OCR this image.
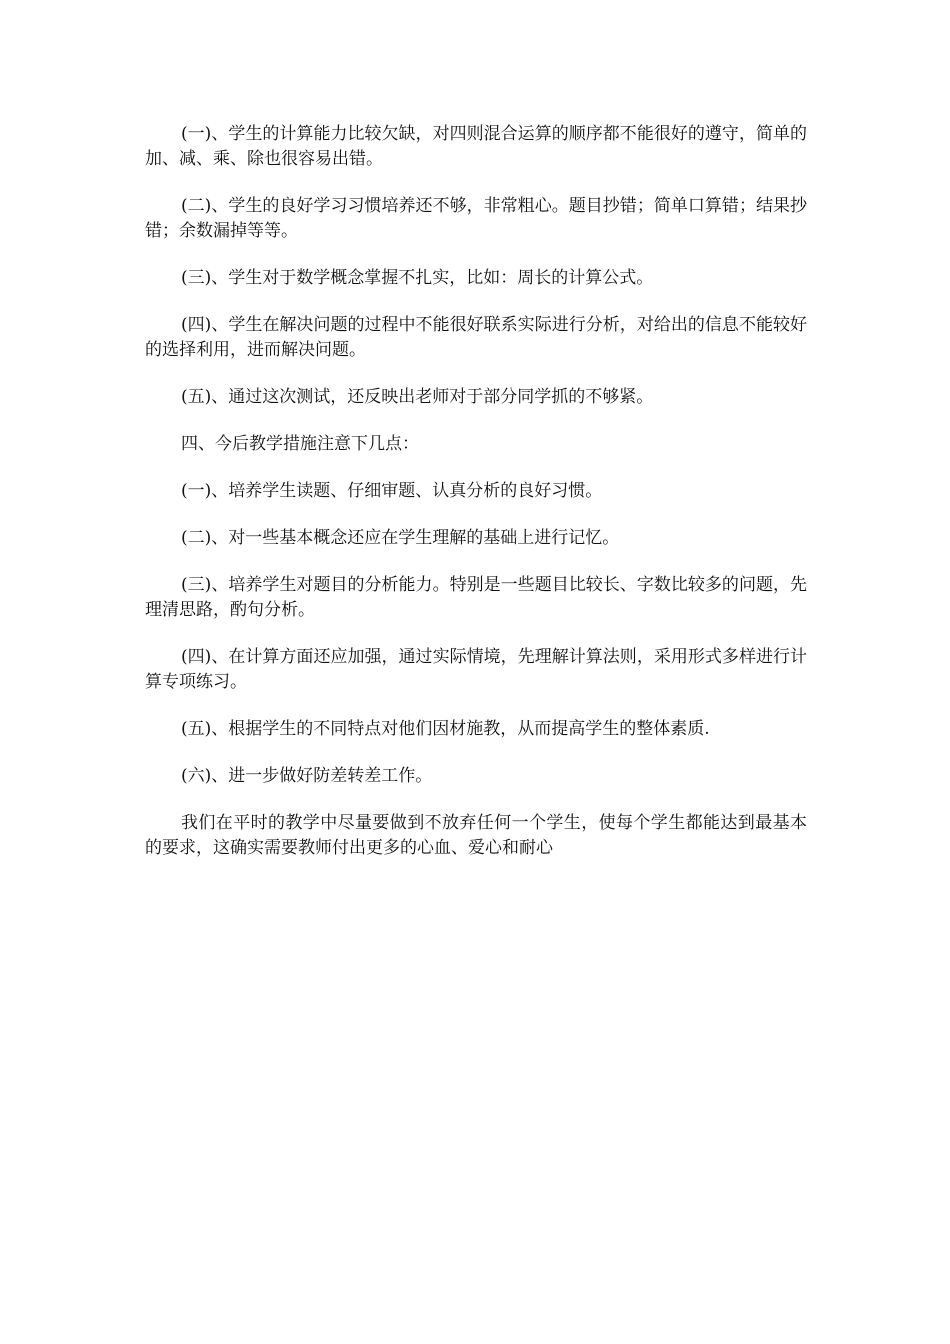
(一)、学生的计算能力比较欠缺，对四则混合运算的顺序都不能很好的遵守，简单的加、减、乘、除也很容易出错。

(二)、学生的良好学习习惯培养还不够，非常粗心。题目抄错；简单口算错；结果抄错；余数漏掉等等。

(三)、学生对于数学概念掌握不扎实，比如：周长的计算公式。

(四)、学生在解决问题的过程中不能很好联系实际进行分析，对给出的信息不能较好的选择利用，进而解决问题。

(五)、通过这次测试，还反映出老师对于部分同学抓的不够紧。

四、今后教学措施注意下几点：

(一)、培养学生读题、仔细审题、认真分析的良好习惯。

(二)、对一些基本概念还应在学生理解的基础上进行记忆。

(三)、培养学生对题目的分析能力。特别是一些题目比较长、字数比较多的问题，先理清思路，酌句分析。

(四)、在计算方面还应加强，通过实际情境，先理解计算法则，采用形式多样进行计算专项练习。

(五)、根据学生的不同特点对他们因材施教，从而提高学生的整体素质.

(六)、进一步做好防差转差工作。

我们在平时的教学中尽量要做到不放弃任何一个学生，使每个学生都能达到最基本的要求，这确实需要教师付出更多的心血、爱心和耐心
